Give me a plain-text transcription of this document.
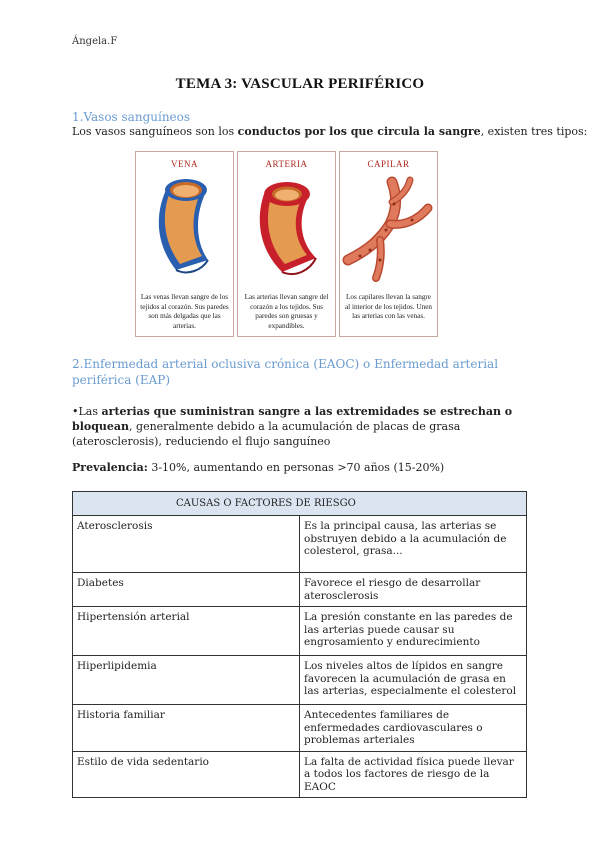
Ángela.F
TEMA 3: VASCULAR PERIFÉRICO
1.Vasos sanguíneos
Los vasos sanguíneos son los conductos por los que circula la sangre, existen tres tipos:
VENA
Las venas llevan sangre de los tejidos al corazón. Sus paredes son más delgadas que las arterias.
ARTERIA
Las arterias llevan sangre del corazón a los tejidos. Sus paredes son gruesas y expandibles.
CAPILAR
Los capilares llevan la sangre al interior de los tejidos. Unen las arterias con las venas.
2.Enfermedad arterial oclusiva crónica (EAOC) o Enfermedad arterial periférica (EAP)
•Las arterias que suministran sangre a las extremidades se estrechan o bloquean, generalmente debido a la acumulación de placas de grasa (aterosclerosis), reduciendo el flujo sanguíneo
Prevalencia: 3-10%, aumentando en personas >70 años (15-20%)
CAUSAS O FACTORES DE RIESGO	
Aterosclerosis	Es la principal causa, las arterias se obstruyen debido a la acumulación de colesterol, grasa...
Diabetes	Favorece el riesgo de desarrollar aterosclerosis
Hipertensión arterial	La presión constante en las paredes de las arterias puede causar su engrosamiento y endurecimiento
Hiperlipidemia	Los niveles altos de lípidos en sangre favorecen la acumulación de grasa en las arterias, especialmente el colesterol
Historia familiar	Antecedentes familiares de enfermedades cardiovasculares o problemas arteriales
Estilo de vida sedentario	La falta de actividad física puede llevar a todos los factores de riesgo de la EAOC
